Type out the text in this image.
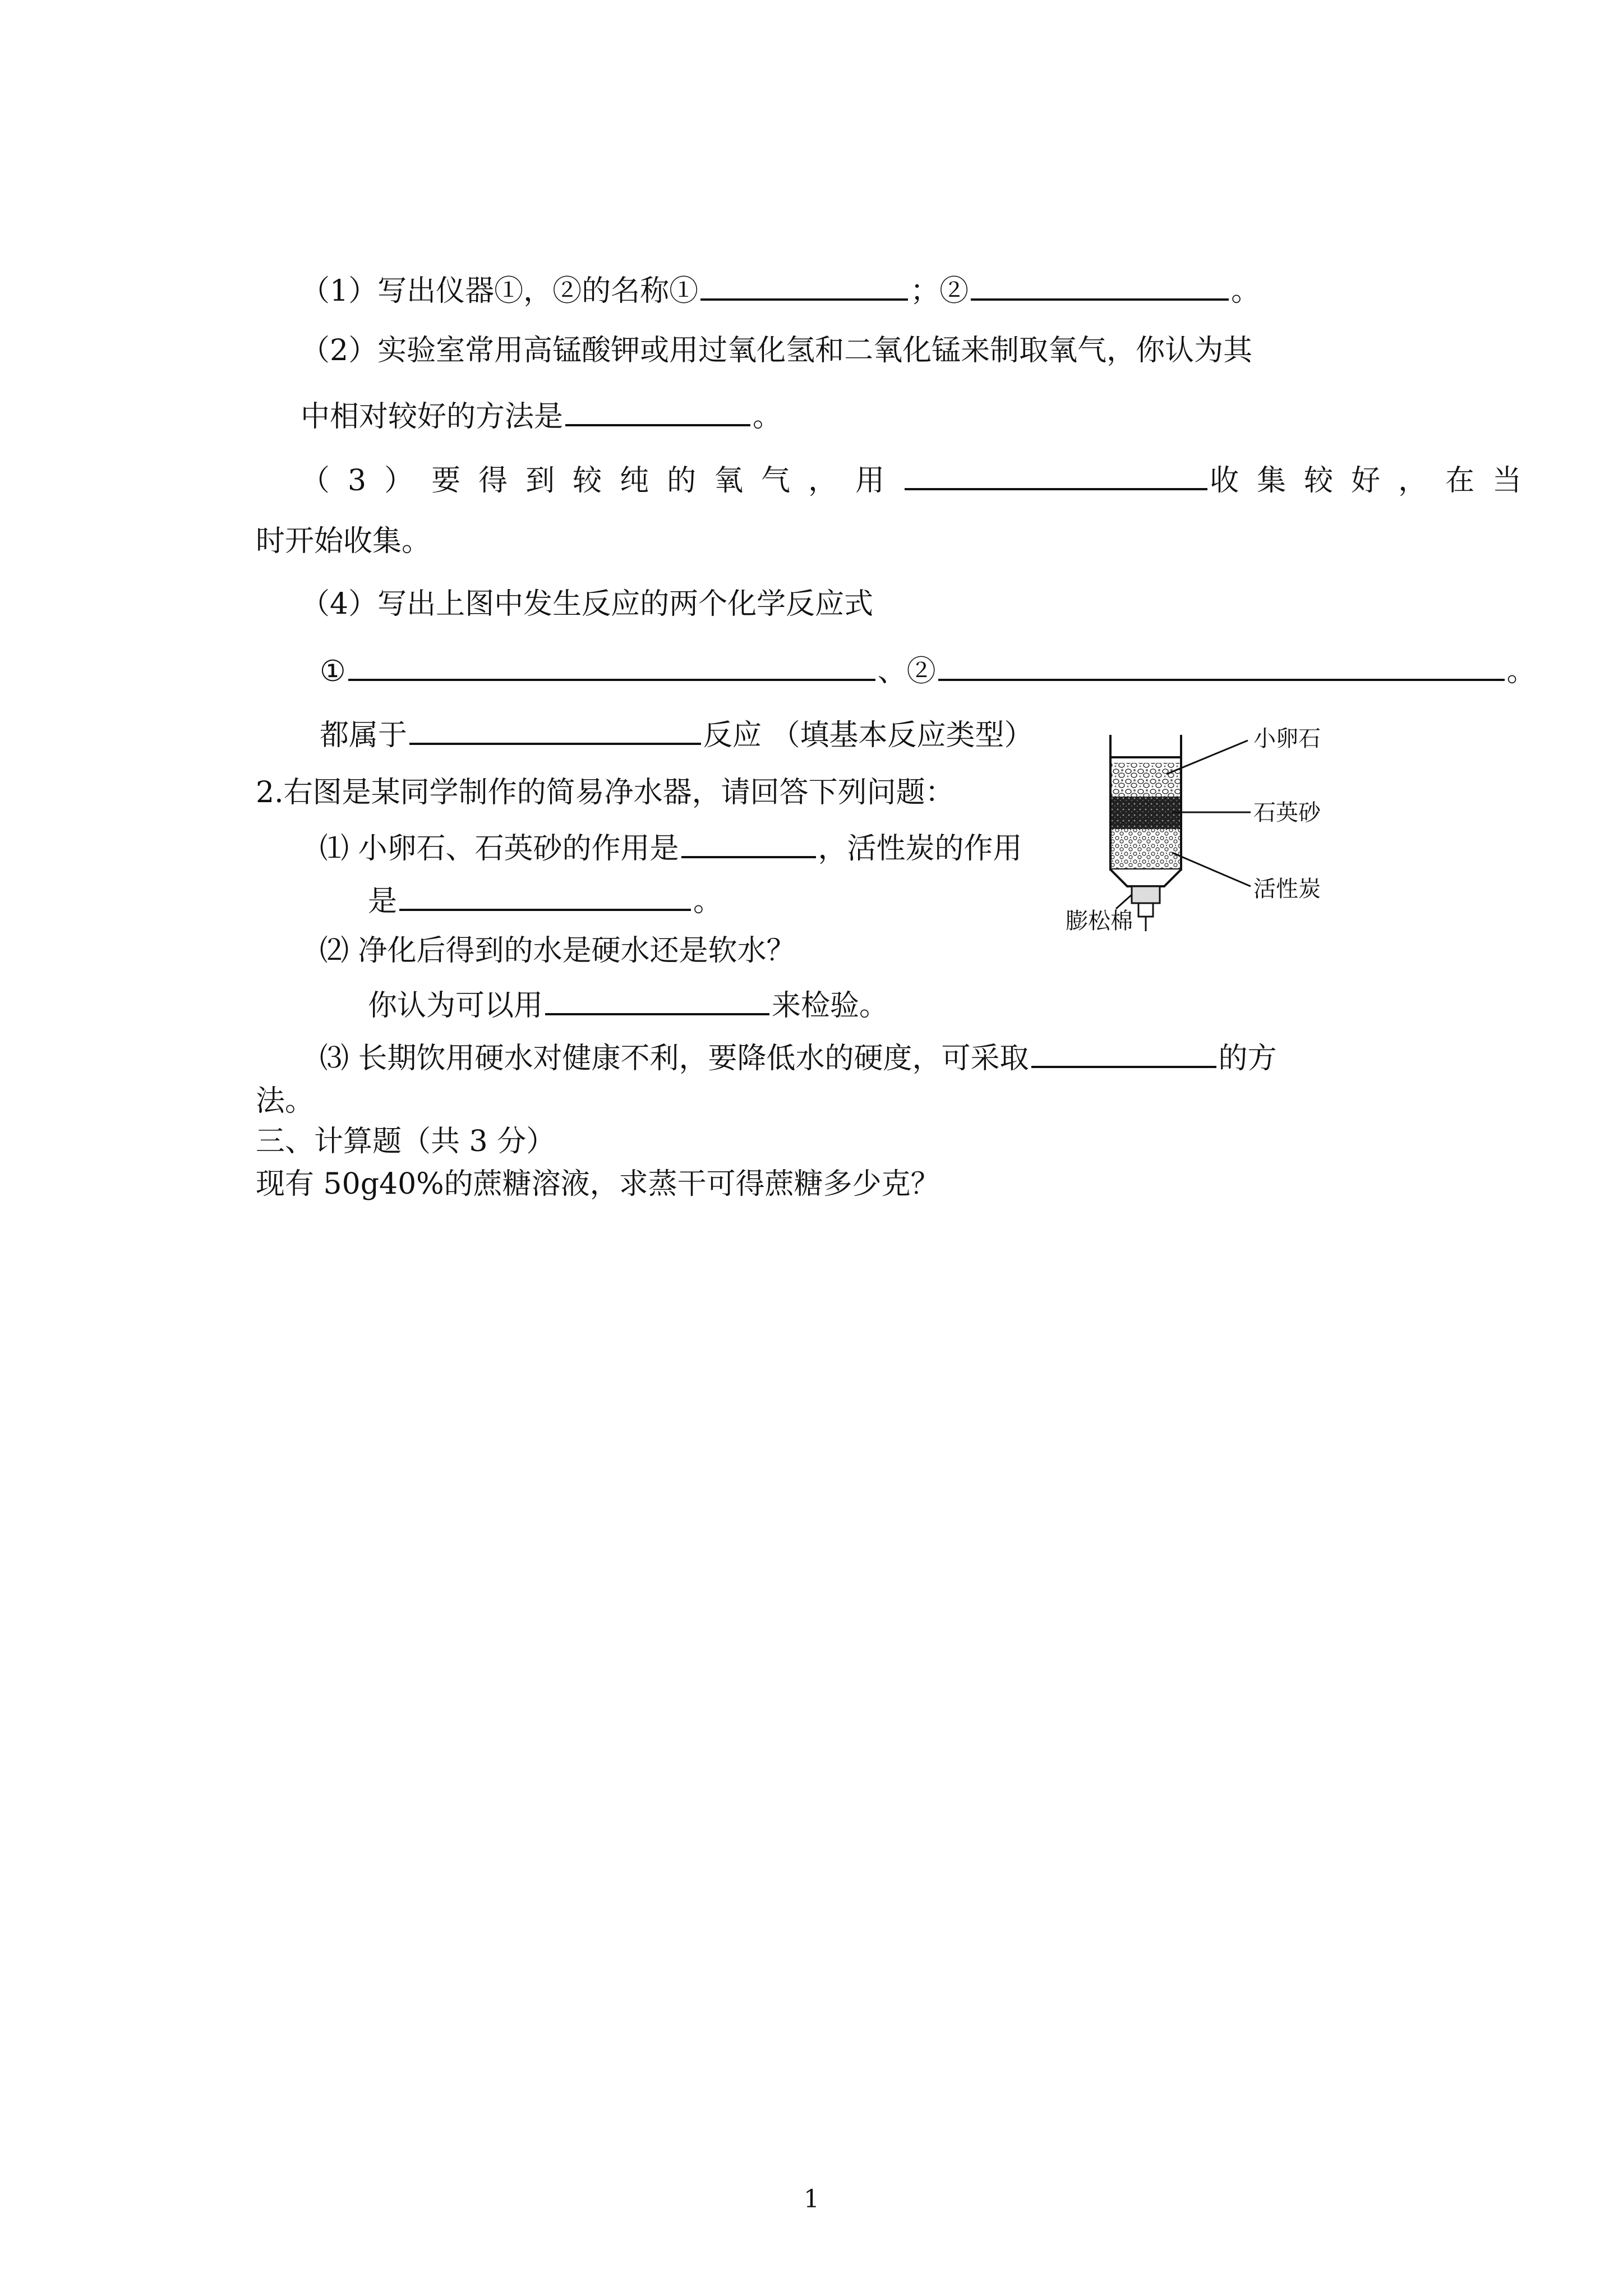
（1）写出仪器①，②的名称①	；②	。
（2）实验室常用高锰酸钾或用过氧化氢和二氧化锰来制取氧气，你认为其
中相对较好的方法是	。
（3）要得到较纯的氧气，用	收集较好，在当
时开始收集。
（4）写出上图中发生反应的两个化学反应式
①	、②	。
都属于	反应 （填基本反应类型）
2.右图是某同学制作的简易净水器，请回答下列问题：
⑴ 小卵石、石英砂的作用是	，活性炭的作用
是	。
⑵ 净化后得到的水是硬水还是软水？
你认为可以用	来检验。
⑶ 长期饮用硬水对健康不利，要降低水的硬度，可采取	的方
法。
小卵石
石英砂
活性炭
膨松棉
三、计算题（共 3 分）
现有 50g40%的蔗糖溶液，求蒸干可得蔗糖多少克？
1
